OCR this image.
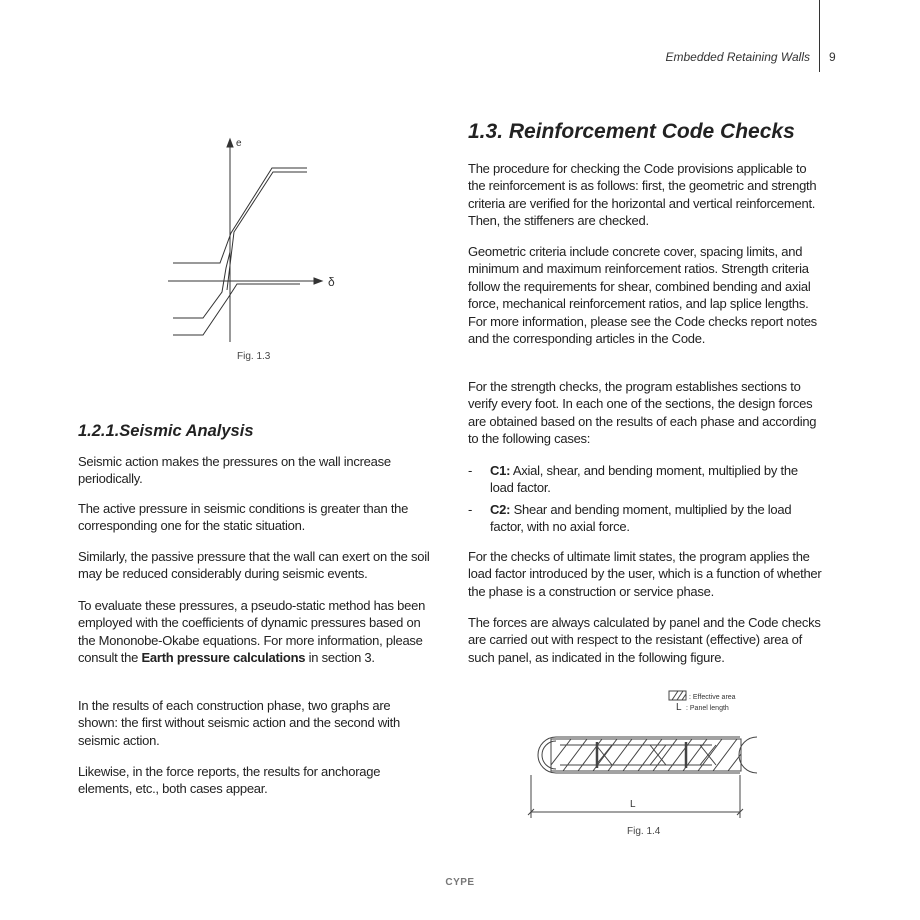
Embedded Retaining Walls 9
e
δ
: Effective area
L : Panel length
L
Fig. 1.3
Fig. 1.4
1.2.1.Seismic Analysis

Seismic action makes the pressures on the wall increase periodically.

The active pressure in seismic conditions is greater than the corresponding one for the static situation.

Similarly, the passive pressure that the wall can exert on the soil may be reduced considerably during seismic events.

To evaluate these pressures, a pseudo-static method has been employed with the coefficients of dynamic pressures based on the Mononobe-Okabe equations. For more information, please consult the Earth pressure calculations in section 3.

In the results of each construction phase, two graphs are shown: the first without seismic action and the second with seismic action.

Likewise, in the force reports, the results for anchorage elements, etc., both cases appear.

1.3. Reinforcement Code Checks

The procedure for checking the Code provisions applicable to the reinforcement is as follows: first, the geometric and strength criteria are verified for the horizontal and vertical reinforcement. Then, the stiffeners are checked.

Geometric criteria include concrete cover, spacing limits, and minimum and maximum reinforcement ratios. Strength criteria follow the requirements for shear, combined bending and axial force, mechanical reinforcement ratios, and lap splice lengths. For more information, please see the Code checks report notes and the corresponding articles in the Code.

For the strength checks, the program establishes sections to verify every foot. In each one of the sections, the design forces are obtained based on the results of each phase and according to the following cases:

- C1: Axial, shear, and bending moment, multiplied by the load factor.
- C2: Shear and bending moment, multiplied by the load factor, with no axial force.

For the checks of ultimate limit states, the program applies the load factor introduced by the user, which is a function of whether the phase is a construction or service phase.

The forces are always calculated by panel and the Code checks are carried out with respect to the resistant (effective) area of such panel, as indicated in the following figure.

CYPE
